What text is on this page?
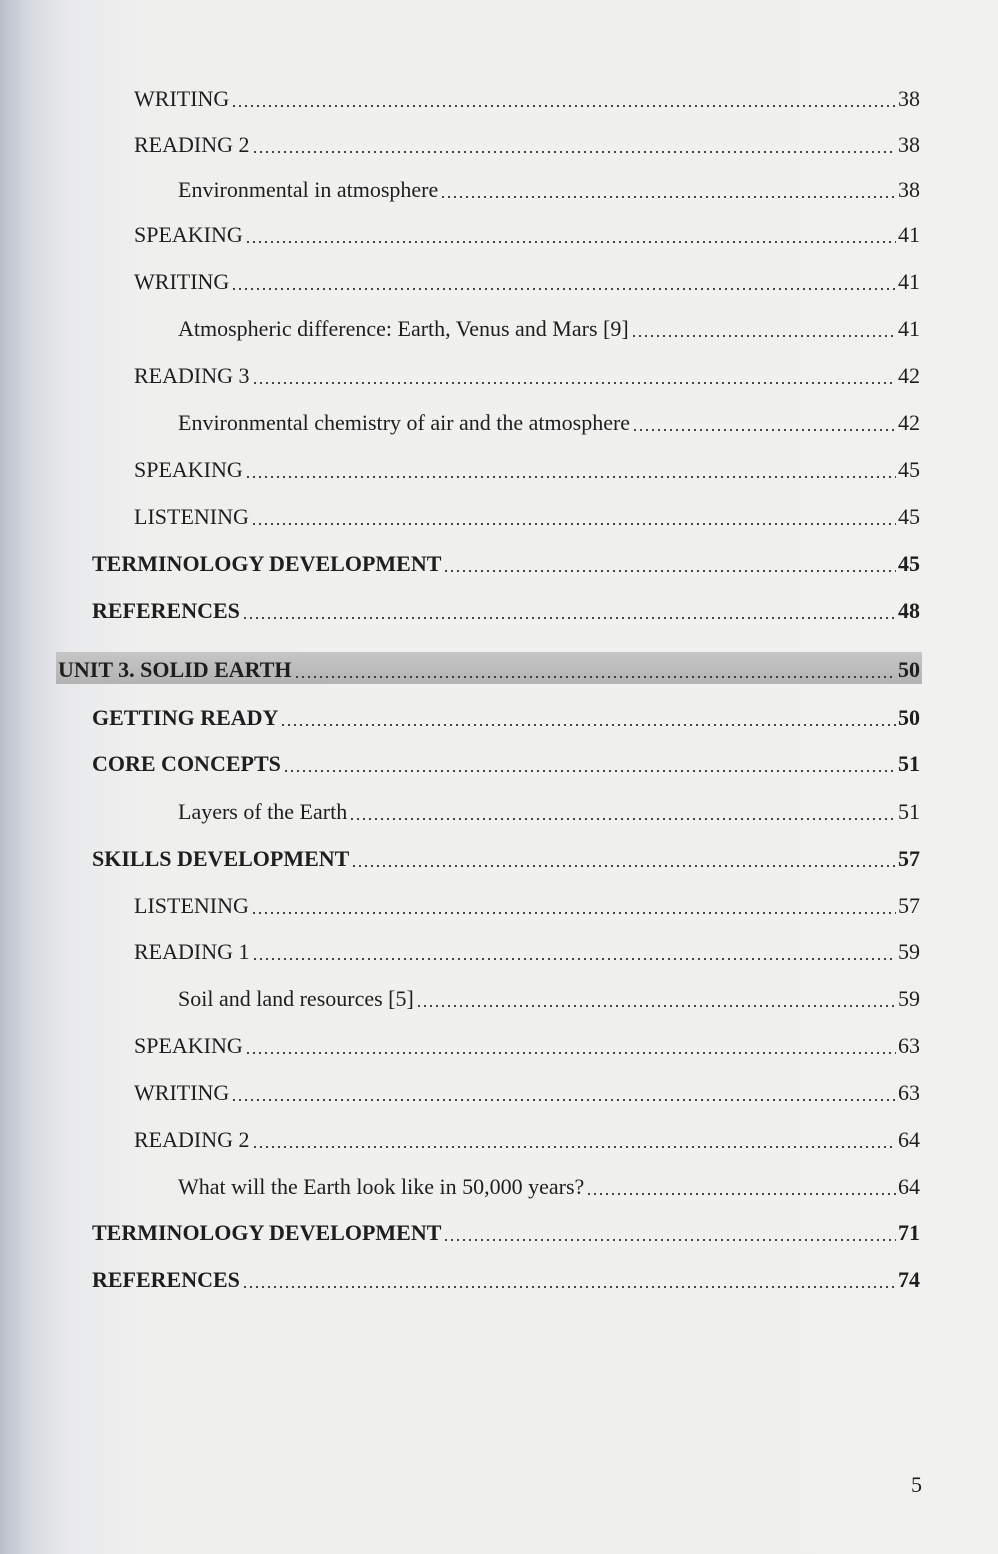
WRITING	38
READING 2	38
Environmental in atmosphere	38
SPEAKING	41
WRITING	41
Atmospheric difference: Earth, Venus and Mars [9]	41
READING 3	42
Environmental chemistry of air and the atmosphere	42
SPEAKING	45
LISTENING	45
TERMINOLOGY DEVELOPMENT	45
REFERENCES	48
UNIT 3. SOLID EARTH	50
GETTING READY	50
CORE CONCEPTS	51
Layers of the Earth	51
SKILLS DEVELOPMENT	57
LISTENING	57
READING 1	59
Soil and land resources [5]	59
SPEAKING	63
WRITING	63
READING 2	64
What will the Earth look like in 50,000 years?	64
TERMINOLOGY DEVELOPMENT	71
REFERENCES	74
5
